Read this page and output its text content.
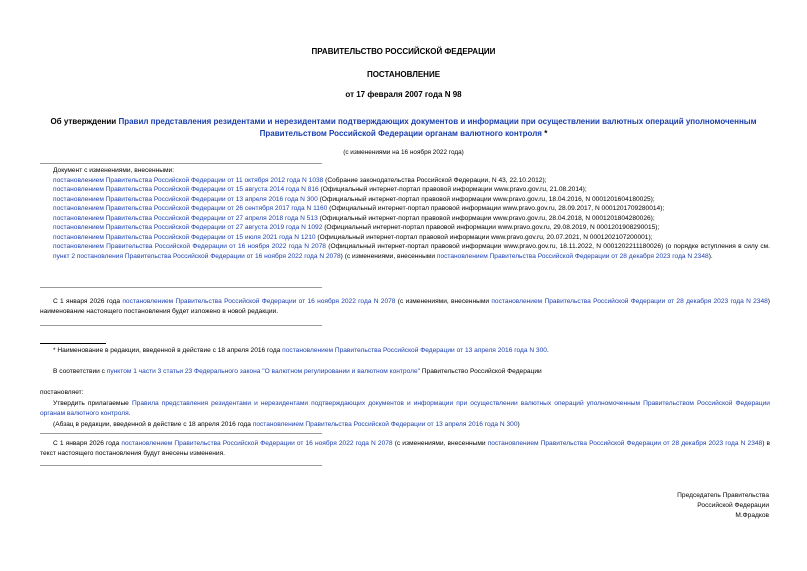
ПРАВИТЕЛЬСТВО РОССИЙСКОЙ ФЕДЕРАЦИИ
ПОСТАНОВЛЕНИЕ
от 17 февраля 2007 года N 98
Об утверждении Правил представления резидентами и нерезидентами подтверждающих документов и информации при осуществлении валютных операций уполномоченным Правительством Российской Федерации органам валютного контроля *
(с изменениями на 16 ноября 2022 года)
Документ с изменениями, внесенными:
постановлением Правительства Российской Федерации от 11 октября 2012 года N 1038 (Собрание законодательства Российской Федерации, N 43, 22.10.2012);
постановлением Правительства Российской Федерации от 15 августа 2014 года N 816 (Официальный интернет-портал правовой информации www.pravo.gov.ru, 21.08.2014);
постановлением Правительства Российской Федерации от 13 апреля 2016 года N 300 (Официальный интернет-портал правовой информации www.pravo.gov.ru, 18.04.2016, N 0001201604180025);
постановлением Правительства Российской Федерации от 26 сентября 2017 года N 1160 (Официальный интернет-портал правовой информации www.pravo.gov.ru, 28.09.2017, N 0001201709280014);
постановлением Правительства Российской Федерации от 27 апреля 2018 года N 513 (Официальный интернет-портал правовой информации www.pravo.gov.ru, 28.04.2018, N 0001201804280026);
постановлением Правительства Российской Федерации от 27 августа 2019 года N 1092 (Официальный интернет-портал правовой информации www.pravo.gov.ru, 29.08.2019, N 0001201908290015);
постановлением Правительства Российской Федерации от 15 июля 2021 года N 1210 (Официальный интернет-портал правовой информации www.pravo.gov.ru, 20.07.2021, N 0001202107200001);
постановлением Правительства Российской Федерации от 16 ноября 2022 года N 2078 (Официальный интернет-портал правовой информации www.pravo.gov.ru, 18.11.2022, N 0001202211180026) (о порядке вступления в силу см. пункт 2 постановления Правительства Российской Федерации от 16 ноября 2022 года N 2078) (с изменениями, внесенными постановлением Правительства Российской Федерации от 28 декабря 2023 года N 2348).
С 1 января 2026 года постановлением Правительства Российской Федерации от 16 ноября 2022 года N 2078 (с изменениями, внесенными постановлением Правительства Российской Федерации от 28 декабря 2023 года N 2348) наименование настоящего постановления будет изложено в новой редакции.
* Наименование в редакции, введенной в действие с 18 апреля 2016 года постановлением Правительства Российской Федерации от 13 апреля 2016 года N 300.
В соответствии с пунктом 1 части 3 статьи 23 Федерального закона "О валютном регулировании и валютном контроле" Правительство Российской Федерации
постановляет:
Утвердить прилагаемые Правила представления резидентами и нерезидентами подтверждающих документов и информации при осуществлении валютных операций уполномоченным Правительством Российской Федерации органам валютного контроля.
(Абзац в редакции, введенной в действие с 18 апреля 2016 года постановлением Правительства Российской Федерации от 13 апреля 2016 года N 300)
С 1 января 2026 года постановлением Правительства Российской Федерации от 16 ноября 2022 года N 2078 (с изменениями, внесенными постановлением Правительства Российской Федерации от 28 декабря 2023 года N 2348) в текст настоящего постановления будут внесены изменения.
Председатель Правительства
Российской Федерации
М.Фрадков
